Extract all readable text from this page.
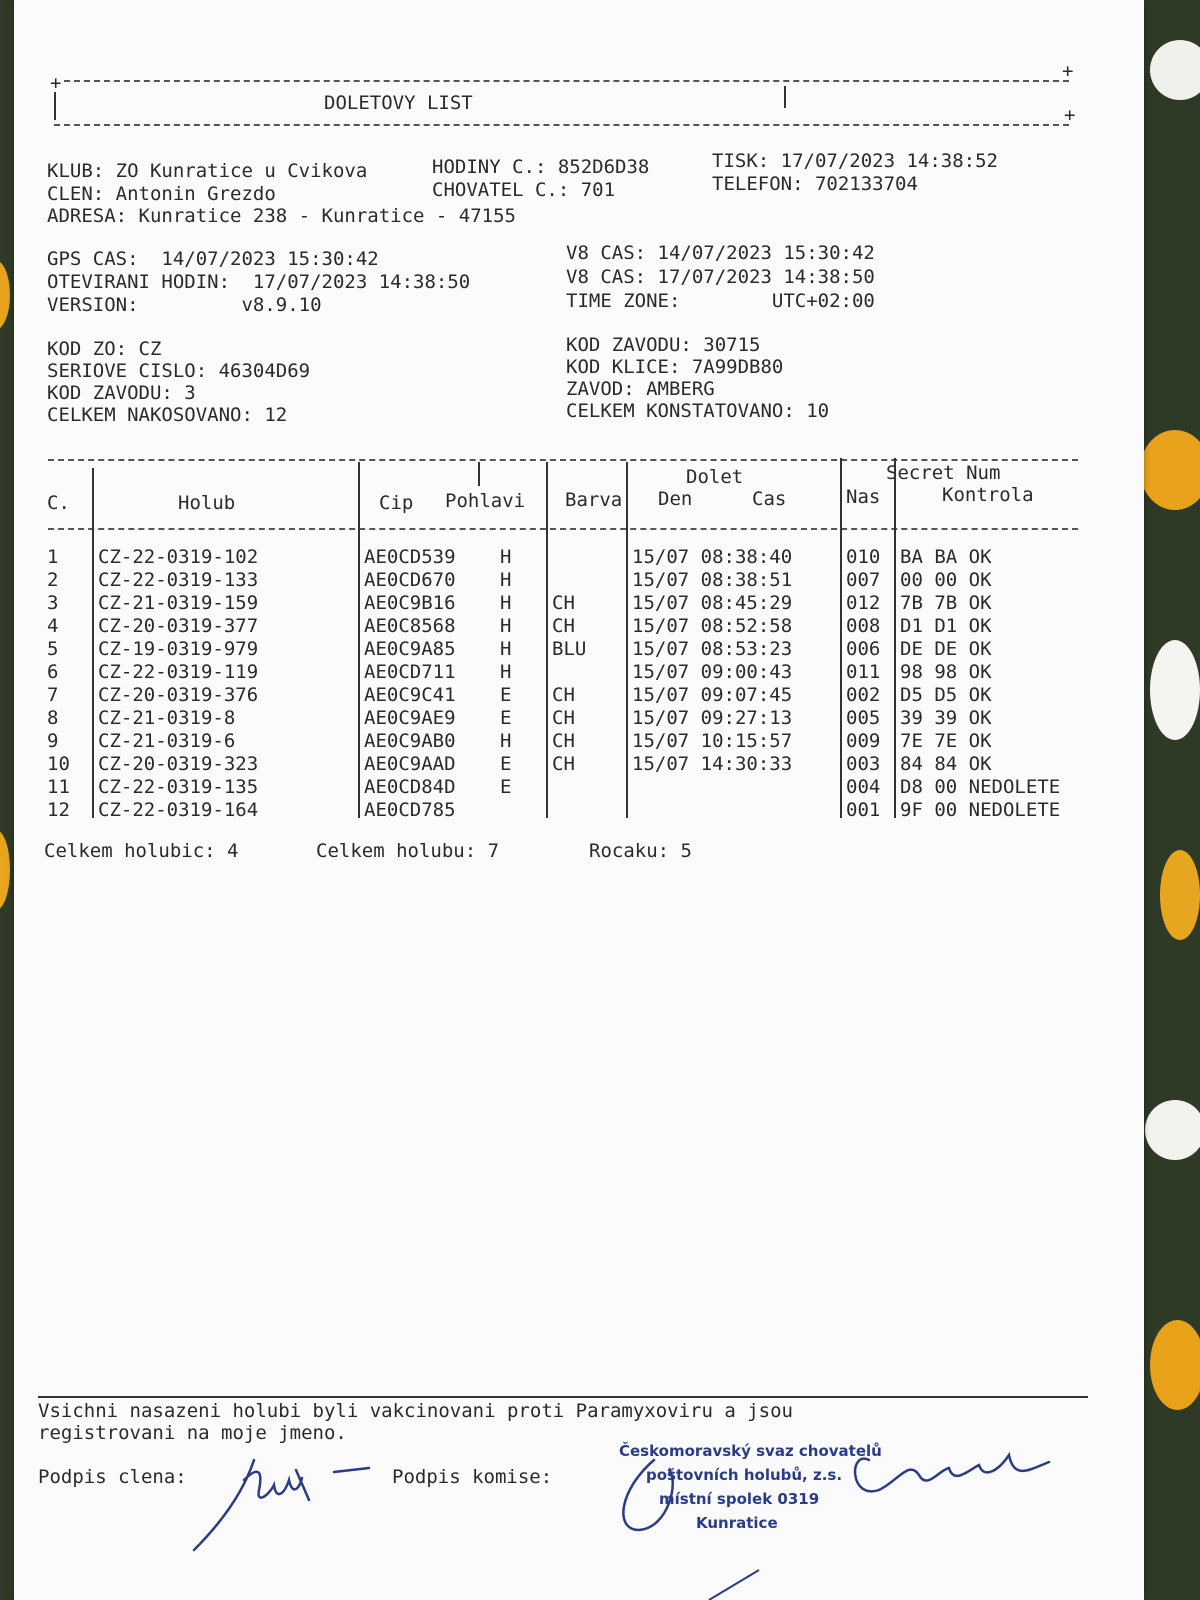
+
+
DOLETOVY LIST
+
KLUB: ZO Kunratice u Cvikova	HODINY C.: 852D6D38	TISK: 17/07/2023 14:38:52
CLEN: Antonin Grezdo	CHOVATEL C.: 701	TELEFON: 702133704
ADRESA: Kunratice 238 - Kunratice - 47155
GPS CAS:  14/07/2023 15:30:42
OTEVIRANI HODIN:  17/07/2023 14:38:50
VERSION:         v8.9.10
V8 CAS: 14/07/2023 15:30:42
V8 CAS: 17/07/2023 14:38:50
TIME ZONE:        UTC+02:00
KOD ZO: CZ
SERIOVE CISLO: 46304D69
KOD ZAVODU: 3
CELKEM NAKOSOVANO: 12
KOD ZAVODU: 30715
KOD KLICE: 7A99DB80
ZAVOD: AMBERG
CELKEM KONSTATOVANO: 10
Dolet	Secret Num
C.	Holub	Cip Pohlavi Barva Den	Cas	Nas	Kontrola
1 CZ-22-0319-102	AE0CD539 H	15/07 08:38:40	010 BA BA OK
2 CZ-22-0319-133	AE0CD670 H	15/07 08:38:51	007 00 00 OK
3 CZ-21-0319-159	AE0C9B16 H CH	15/07 08:45:29	012 7B 7B OK
4 CZ-20-0319-377	AE0C8568 H CH	15/07 08:52:58	008 D1 D1 OK
5 CZ-19-0319-979	AE0C9A85 H BLU 15/07 08:53:23	006 DE DE OK
6 CZ-22-0319-119	AE0CD711 H	15/07 09:00:43	011 98 98 OK
7 CZ-20-0319-376	AE0C9C41 E CH	15/07 09:07:45	002 D5 D5 OK
8 CZ-21-0319-8	AE0C9AE9 E CH	15/07 09:27:13	005 39 39 OK
9 CZ-21-0319-6	AE0C9AB0 H CH	15/07 10:15:57	009 7E 7E OK
10 CZ-20-0319-323	AE0C9AAD E CH	15/07 14:30:33	003 84 84 OK
11 CZ-22-0319-135	AE0CD84D E	004 D8 00 NEDOLETE
12 CZ-22-0319-164	AE0CD785	001 9F 00 NEDOLETE
Celkem holubic: 4	Celkem holubu: 7	Rocaku: 5
Vsichni nasazeni holubi byli vakcinovani proti Paramyxoviru a jsou
registrovani na moje jmeno.
Podpis clena:	Podpis komise:
Českomoravský svaz chovatelů
poštovních holubů, z.s.
místní spolek 0319
Kunratice
